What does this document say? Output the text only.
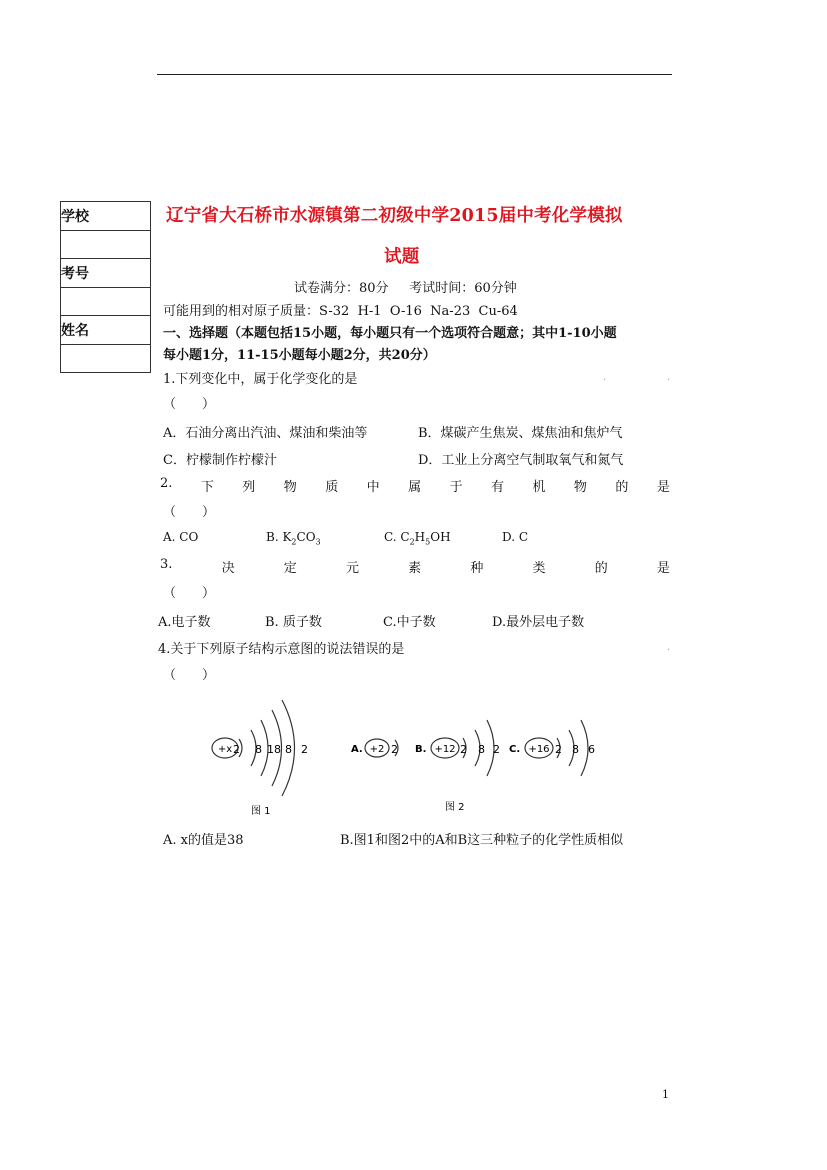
学校

考号

姓名

辽宁省大石桥市水源镇第二初级中学2015届中考化学模拟
试题
试卷满分：80分     考试时间：60分钟
可能用到的相对原子质量：S-32  H-1  O-16  Na-23  Cu-64
一、选择题（本题包括15小题，每小题只有一个选项符合题意；其中1-10小题
每小题1分，11-15小题每小题2分，共20分）
1.下列变化中，属于化学变化的是	.	.
（　　）
A．石油分离出汽油、煤油和柴油等	B．煤碳产生焦炭、煤焦油和焦炉气
C．柠檬制作柠檬汁	D．工业上分离空气制取氧气和氮气
2. 下 列 物 质 中 属 于 有 机 物 的 是
（　　）
A. CO	B. $K_2CO_3$	C. $C_2H_5OH$	D. C
3.	决	定	元	素	种	类	的	是
（　　）
A.电子数	B. 质子数	C.中子数	D.最外层电子数
4.关于下列原子结构示意图的说法错误的是	.
（　　）
+x 2 8 18 8 2
图 1
A. +2 2 B. +12 2 8 2 C. +16 2 8 6
图 2
A. x的值是38	B.图1和图2中的A和B这三种粒子的化学性质相似
1
